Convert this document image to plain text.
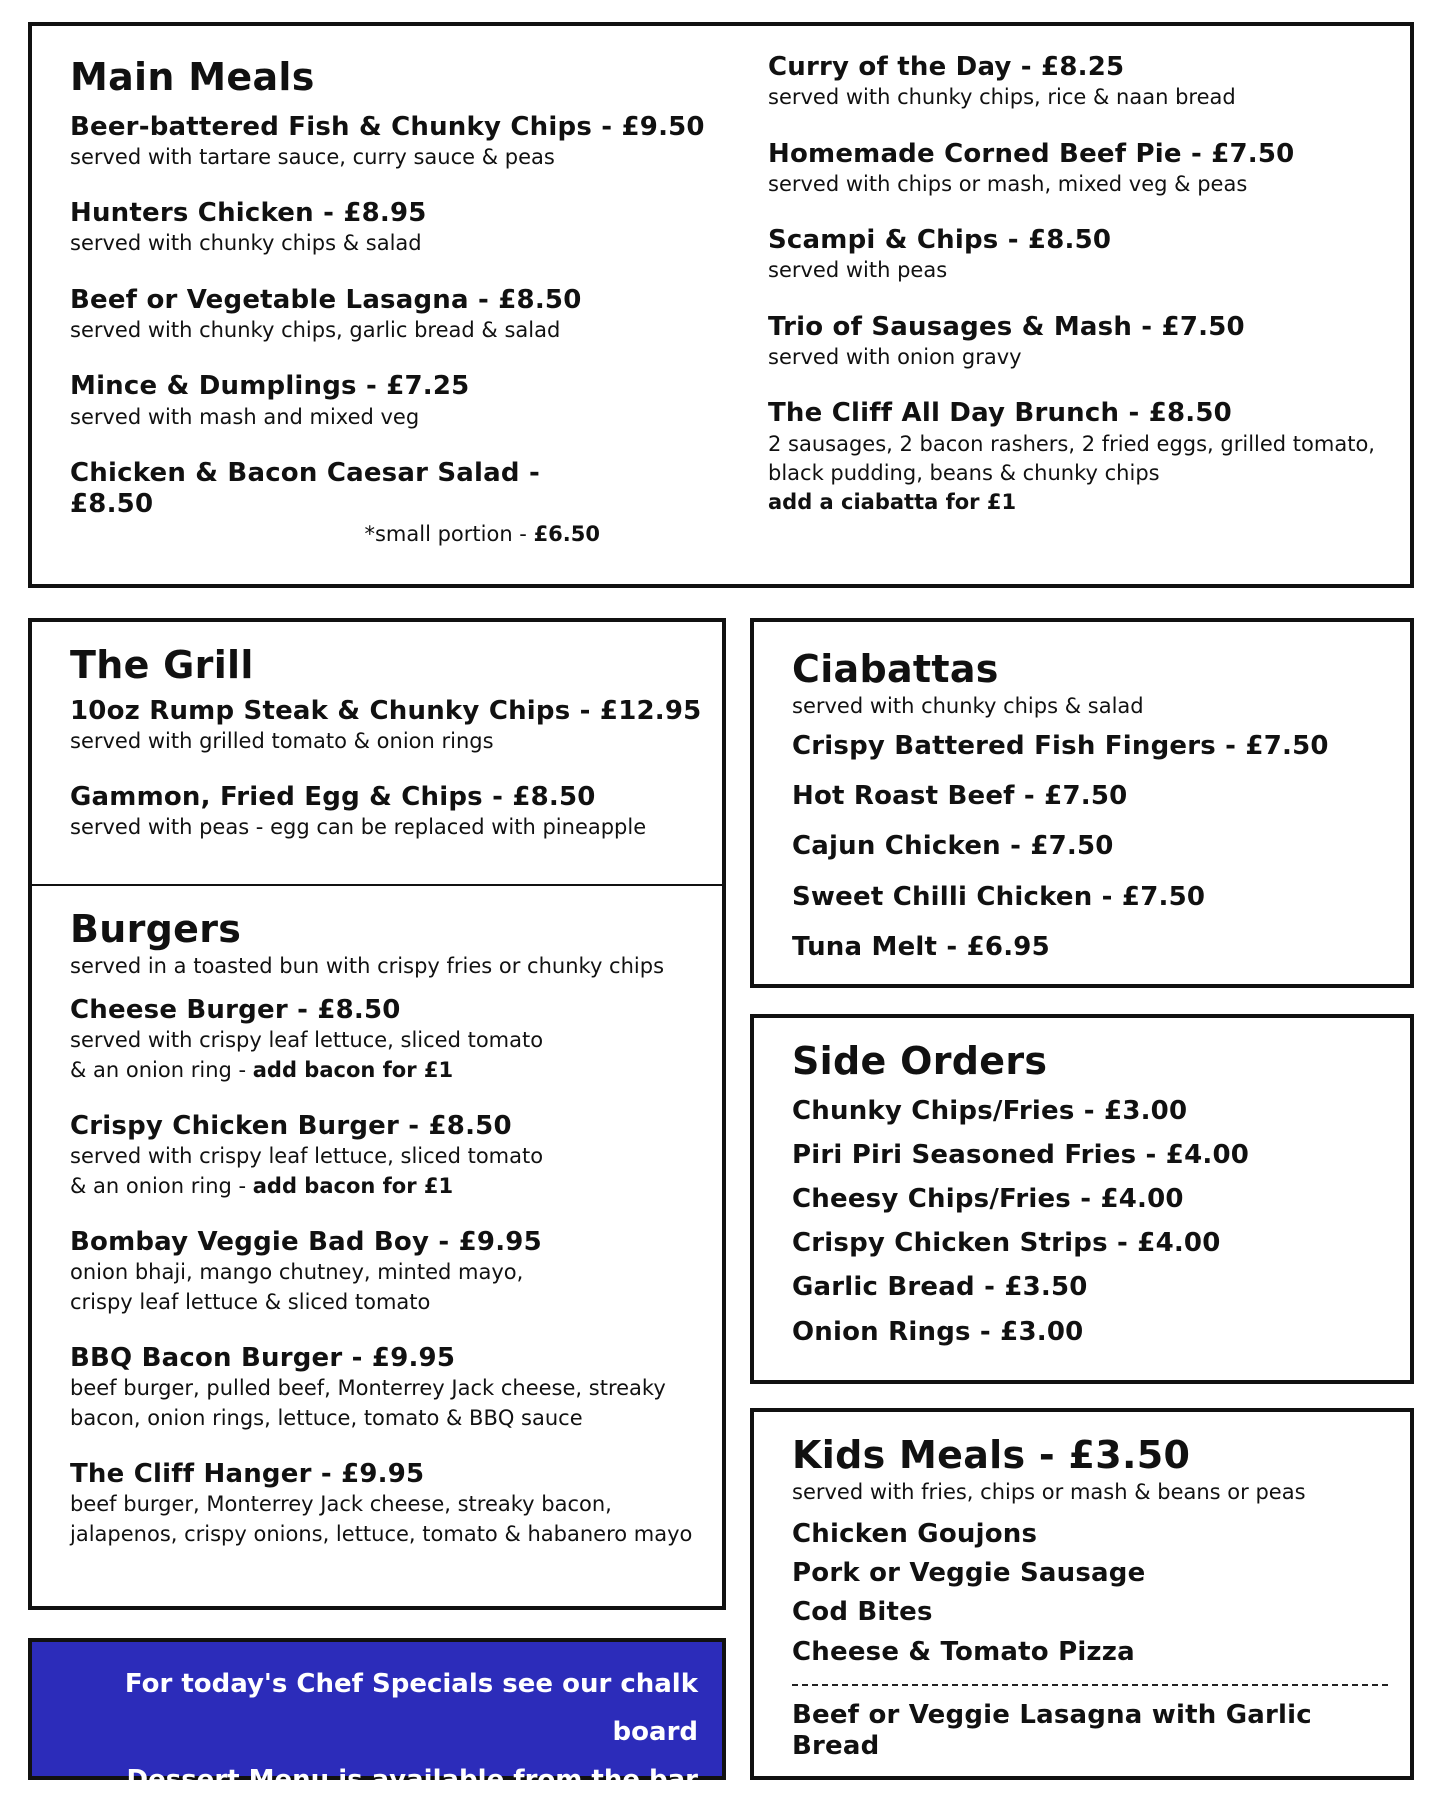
Main Meals
Beer-battered Fish & Chunky Chips - £9.50
served with tartare sauce, curry sauce & peas
Hunters Chicken - £8.95
served with chunky chips & salad
Beef or Vegetable Lasagna - £8.50
served with chunky chips, garlic bread & salad
Mince & Dumplings - £7.25
served with mash and mixed veg
Chicken & Bacon Caesar Salad - £8.50
*small portion - £6.50
Curry of the Day - £8.25
served with chunky chips, rice & naan bread
Homemade Corned Beef Pie - £7.50
served with chips or mash, mixed veg & peas
Scampi & Chips - £8.50
served with peas
Trio of Sausages & Mash - £7.50
served with onion gravy
The Cliff All Day Brunch - £8.50
2 sausages, 2 bacon rashers, 2 fried eggs, grilled tomato, black pudding, beans & chunky chips
add a ciabatta for £1
The Grill
10oz Rump Steak & Chunky Chips - £12.95
served with grilled tomato & onion rings
Gammon, Fried Egg & Chips - £8.50
served with peas - egg can be replaced with pineapple
Burgers
served in a toasted bun with crispy fries or chunky chips
Cheese Burger - £8.50
served with crispy leaf lettuce, sliced tomato
& an onion ring - add bacon for £1
Crispy Chicken Burger - £8.50
served with crispy leaf lettuce, sliced tomato
& an onion ring - add bacon for £1
Bombay Veggie Bad Boy - £9.95
onion bhaji, mango chutney, minted mayo,
crispy leaf lettuce & sliced tomato
BBQ Bacon Burger - £9.95
beef burger, pulled beef, Monterrey Jack cheese, streaky
bacon, onion rings, lettuce, tomato & BBQ sauce
The Cliff Hanger - £9.95
beef burger, Monterrey Jack cheese, streaky bacon,
jalapenos, crispy onions, lettuce, tomato & habanero mayo
For today's Chef Specials see our chalk board
Dessert Menu is available from the bar
Ciabattas
served with chunky chips & salad
Crispy Battered Fish Fingers - £7.50
Hot Roast Beef - £7.50
Cajun Chicken - £7.50
Sweet Chilli Chicken - £7.50
Tuna Melt - £6.95
Side Orders
Chunky Chips/Fries - £3.00
Piri Piri Seasoned Fries - £4.00
Cheesy Chips/Fries - £4.00
Crispy Chicken Strips - £4.00
Garlic Bread - £3.50
Onion Rings - £3.00
Kids Meals - £3.50
served with fries, chips or mash & beans or peas
Chicken Goujons
Pork or Veggie Sausage
Cod Bites
Cheese & Tomato Pizza
Beef or Veggie Lasagna with Garlic Bread
